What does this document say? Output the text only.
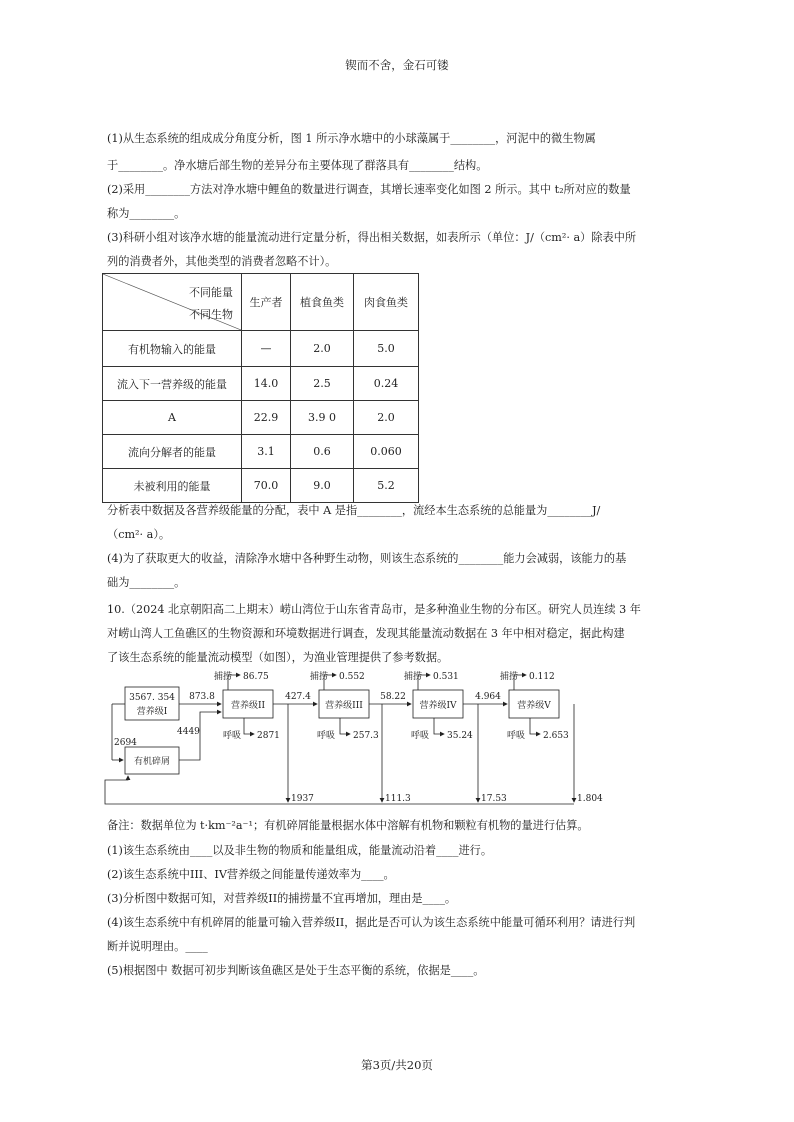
锲而不舍，金石可镂
(1)从生态系统的组成成分角度分析，图 1 所示净水塘中的小球藻属于________，河泥中的微生物属
于________。净水塘后部生物的差异分布主要体现了群落具有________结构。
(2)采用________方法对净水塘中鲤鱼的数量进行调查，其增长速率变化如图 2 所示。其中 t₂所对应的数量
称为________。
(3)科研小组对该净水塘的能量流动进行定量分析，得出相关数据，如表所示（单位：J/（cm²· a）除表中所
列的消费者外，其他类型的消费者忽略不计）。
不同能量
不同生物	生产者	植食鱼类	肉食鱼类
有机物输入的能量	—	2.0	5.0
流入下一营养级的能量	14.0	2.5	0.24
A	22.9	3.9 0	2.0
流向分解者的能量	3.1	0.6	0.060
未被利用的能量	70.0	9.0	5.2
分析表中数据及各营养级能量的分配，表中 A 是指________，流经本生态系统的总能量为________J/
（cm²· a）。
(4)为了获取更大的收益，清除净水塘中各种野生动物，则该生态系统的________能力会减弱，该能力的基
础为________。
10.（2024 北京朝阳高二上期末）崂山湾位于山东省青岛市，是多种渔业生物的分布区。研究人员连续 3 年
对崂山湾人工鱼礁区的生物资源和环境数据进行调查，发现其能量流动数据在 3 年中相对稳定，据此构建
了该生态系统的能量流动模型（如图），为渔业管理提供了参考数据。
3567. 354
营养级I
有机碎屑
营养级II	营养级III	营养级IV	营养级V
873.8	427.4	58.22	4.964
捕捞 86.75	捕捞 0.552	捕捞 0.531	捕捞 0.112
呼吸 2871	呼吸 257.3	呼吸 35.24	呼吸 2.653
4449
2694
1937	111.3	17.53	1.804
备注：数据单位为 t·km⁻²a⁻¹；有机碎屑能量根据水体中溶解有机物和颗粒有机物的量进行估算。
(1)该生态系统由____以及非生物的物质和能量组成，能量流动沿着____进行。
(2)该生态系统中III、IV营养级之间能量传递效率为____。
(3)分析图中数据可知，对营养级II的捕捞量不宜再增加，理由是____。
(4)该生态系统中有机碎屑的能量可输入营养级II，据此是否可认为该生态系统中能量可循环利用？请进行判
断并说明理由。____
(5)根据图中 数据可初步判断该鱼礁区是处于生态平衡的系统，依据是____。
第3页/共20页
